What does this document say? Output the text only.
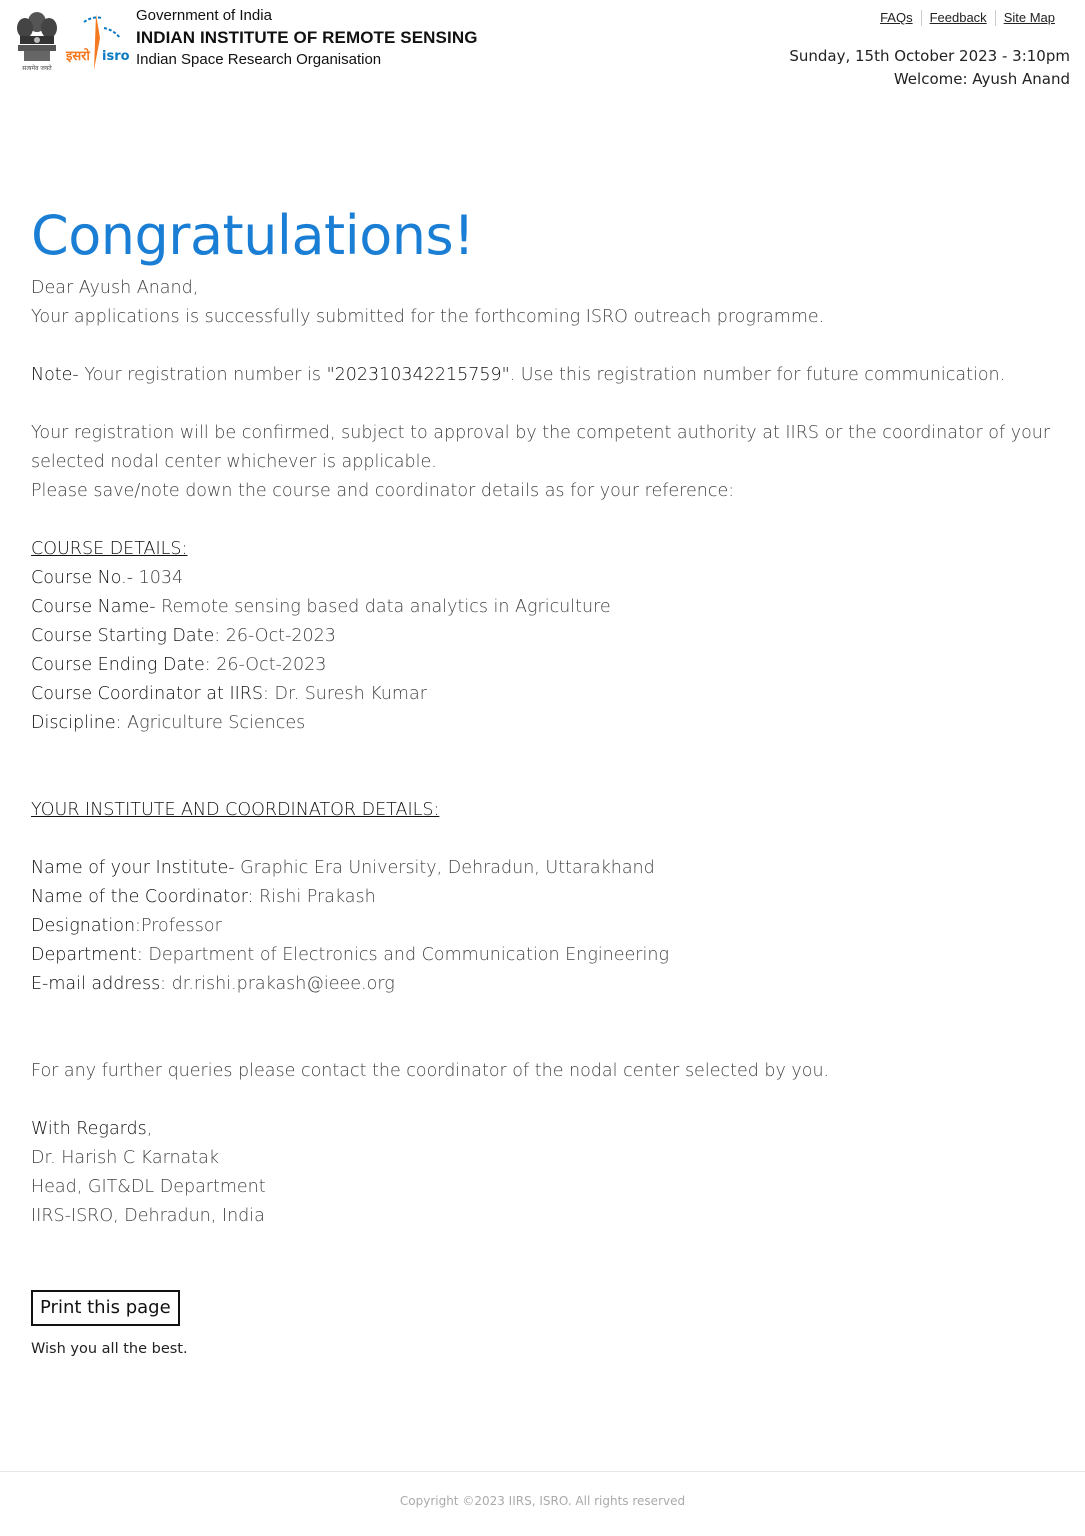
सत्यमेव जयते
इसरो isro
Government of India
INDIAN INSTITUTE OF REMOTE SENSING
Indian Space Research Organisation
FAQs	Feedback	Site Map
Sunday, 15th October 2023 - 3:10pm
Welcome: Ayush Anand
Congratulations!
Dear Ayush Anand,
Your applications is successfully submitted for the forthcoming ISRO outreach programme.
Note- Your registration number is "202310342215759". Use this registration number for future communication.
Your registration will be confirmed, subject to approval by the competent authority at IIRS or the coordinator of your selected nodal center whichever is applicable.
Please save/note down the course and coordinator details as for your reference:
COURSE DETAILS:
Course No.- 1034
Course Name- Remote sensing based data analytics in Agriculture
Course Starting Date: 26-Oct-2023
Course Ending Date: 26-Oct-2023
Course Coordinator at IIRS: Dr. Suresh Kumar
Discipline: Agriculture Sciences
YOUR INSTITUTE AND COORDINATOR DETAILS:
Name of your Institute- Graphic Era University, Dehradun, Uttarakhand
Name of the Coordinator: Rishi Prakash
Designation:Professor
Department: Department of Electronics and Communication Engineering
E-mail address: dr.rishi.prakash@ieee.org
For any further queries please contact the coordinator of the nodal center selected by you.
With Regards,
Dr. Harish C Karnatak
Head, GIT&DL Department
IIRS-ISRO, Dehradun, India
Print this page
Wish you all the best.
Copyright ©2023 IIRS, ISRO. All rights reserved
